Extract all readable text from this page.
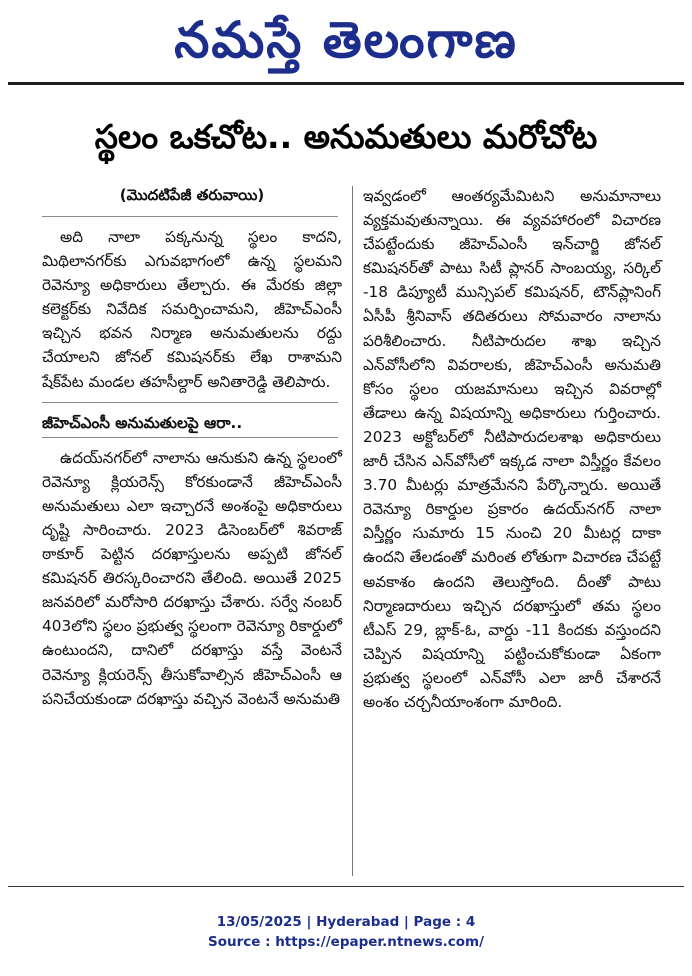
నమస్తే తెలంగాణ
స్థలం ఒకచోట.. అనుమతులు మరోచోట

(మొదటిపేజీ తరువాయి)

అది నాలా పక్కనున్న స్థలం కాదని, మిథిలానగర్‌కు ఎగువభాగంలో ఉన్న స్థలమని రెవెన్యూ అధికారులు తేల్చారు. ఈ మేరకు జిల్లా కలెక్టర్‌కు నివేదిక సమర్పించామని, జీహెచ్‌ఎంసీ ఇచ్చిన భవన నిర్మాణ అనుమతులను రద్దు చేయాలని జోనల్ కమిషనర్‌కు లేఖ రాశామని షేక్‌పేట మండల తహసీల్దార్ అనితారెడ్డి తెలిపారు.

జీహెచ్ఎంసీ అనుమతులపై ఆరా..

ఉదయ్‌నగర్‌లో నాలాను ఆనుకుని ఉన్న స్థలంలో రెవెన్యూ క్లియరెన్స్ కోరకుండానే జీహెచ్‌ఎంసీ అనుమతులు ఎలా ఇచ్చారనే అంశంపై అధికారులు దృష్టి సారించారు. 2023 డిసెంబర్‌లో శివరాజ్ ఠాకూర్ పెట్టిన దరఖాస్తులను అప్పటి జోనల్ కమిషనర్ తిరస్కరించారని తేలింది. అయితే 2025 జనవరిలో మరోసారి దరఖాస్తు చేశారు. సర్వే నంబర్ 403లోని స్థలం ప్రభుత్వ స్థలంగా రెవెన్యూ రికార్డులో ఉంటుందని, దానిలో దరఖాస్తు వస్తే వెంటనే రెవెన్యూ క్లియరెన్స్ తీసుకోవాల్సిన జీహెచ్‌ఎంసీ ఆ పనిచేయకుండా దరఖాస్తు వచ్చిన వెంటనే అనుమతి

ఇవ్వడంలో ఆంతర్యమేమిటని అనుమానాలు వ్యక్తమవుతున్నాయి. ఈ వ్యవహారంలో విచారణ చేపట్టేందుకు జీహెచ్‌ఎంసీ ఇన్‌చార్జి జోనల్ కమిషనర్‌తో పాటు సిటీ ప్లానర్ సాంబయ్య, సర్కిల్ -18 డిప్యూటీ మున్సిపల్ కమిషనర్, టౌన్‌ప్లానింగ్ ఏసీపీ శ్రీనివాస్ తదితరులు సోమవారం నాలాను పరిశీలించారు. నీటిపారుదల శాఖ ఇచ్చిన ఎన్‌వోసీలోని వివరాలకు, జీహెచ్‌ఎంసీ అనుమతి కోసం స్థలం యజమానులు ఇచ్చిన వివరాల్లో తేడాలు ఉన్న విషయాన్ని అధికారులు గుర్తించారు. 2023 అక్టోబర్‌లో నీటిపారుదలశాఖ అధికారులు జారీ చేసిన ఎన్‌వోసీలో ఇక్కడ నాలా విస్తీర్ణం కేవలం 3.70 మీటర్లు మాత్రమేనని పేర్కొన్నారు. అయితే రెవెన్యూ రికార్డుల ప్రకారం ఉదయ్‌నగర్ నాలా విస్తీర్ణం సుమారు 15 నుంచి 20 మీటర్ల దాకా ఉందని తేలడంతో మరింత లోతుగా విచారణ చేపట్టే అవకాశం ఉందని తెలుస్తోంది. దీంతో పాటు నిర్మాణదారులు ఇచ్చిన దరఖాస్తులో తమ స్థలం టీఎస్ 29, బ్లాక్-ఓ, వార్డు -11 కిందకు వస్తుందని చెప్పిన విషయాన్ని పట్టించుకోకుండా ఏకంగా ప్రభుత్వ స్థలంలో ఎన్‌వోసీ ఎలా జారీ చేశారనే అంశం చర్చనీయాంశంగా మారింది.

13/05/2025 | Hyderabad | Page : 4
Source : https://epaper.ntnews.com/
